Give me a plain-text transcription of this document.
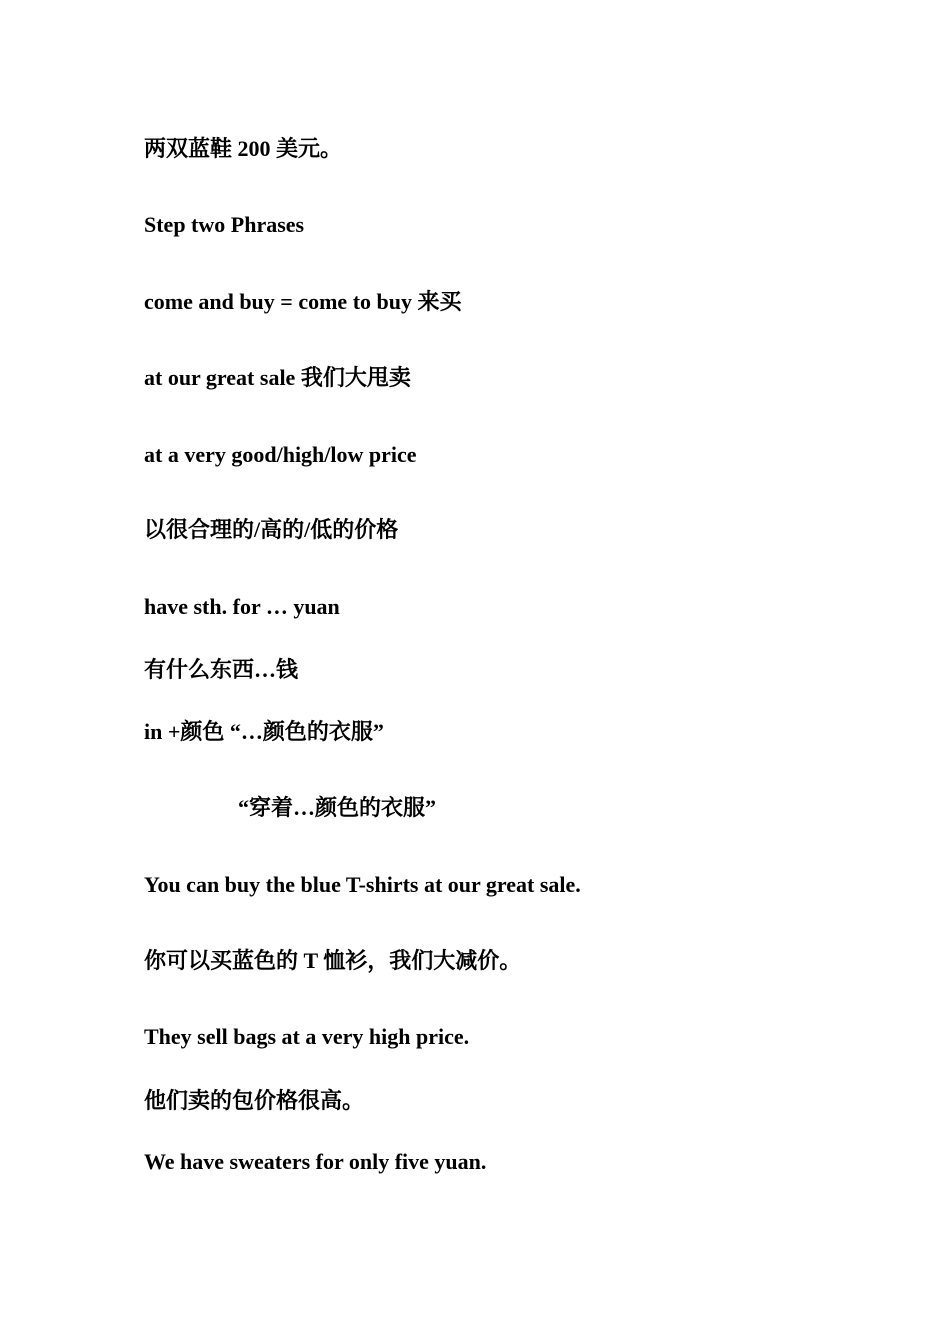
两双蓝鞋 200 美元。
Step two Phrases
come and buy = come to buy 来买
at our great sale 我们大甩卖
at a very good/high/low price
以很合理的/高的/低的价格
have sth. for … yuan
有什么东西…钱
in +颜色 “…颜色的衣服”
“穿着…颜色的衣服”
You can buy the blue T-shirts at our great sale.
你可以买蓝色的 T 恤衫，我们大减价。
They sell bags at a very high price.
他们卖的包价格很高。
We have sweaters for only five yuan.
